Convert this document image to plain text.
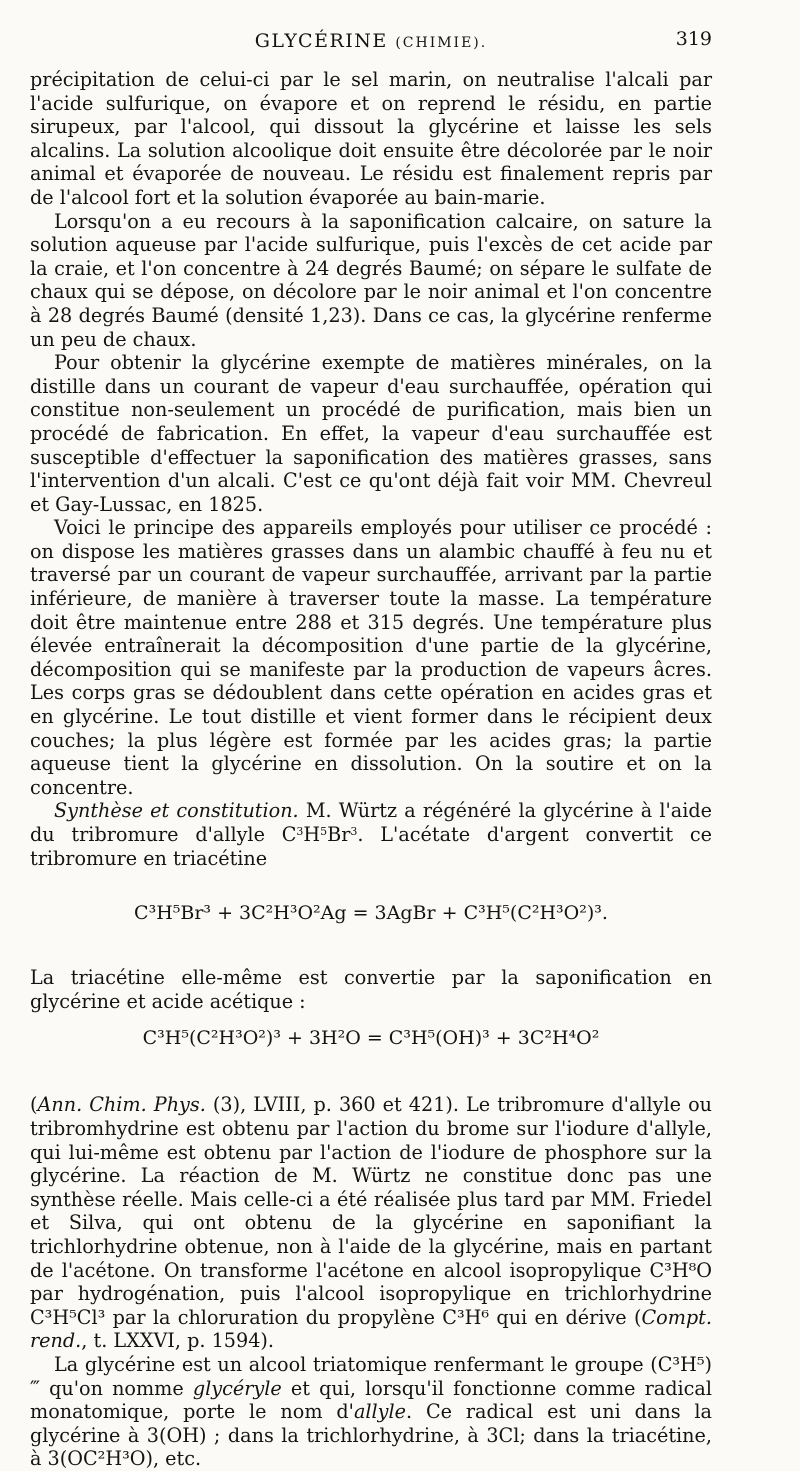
GLYCÉRINE (CHIMIE).	319

précipitation de celui-ci par le sel marin, on neutralise l'alcali par l'acide sulfurique, on évapore et on reprend le résidu, en partie sirupeux, par l'alcool, qui dissout la glycérine et laisse les sels alcalins. La solution alcoolique doit ensuite être décolorée par le noir animal et évaporée de nouveau. Le résidu est finalement repris par de l'alcool fort et la solution évaporée au bain-marie.

Lorsqu'on a eu recours à la saponification calcaire, on sature la solution aqueuse par l'acide sulfurique, puis l'excès de cet acide par la craie, et l'on concentre à 24 degrés Baumé; on sépare le sulfate de chaux qui se dépose, on décolore par le noir animal et l'on concentre à 28 degrés Baumé (densité 1,23). Dans ce cas, la glycérine renferme un peu de chaux.

Pour obtenir la glycérine exempte de matières minérales, on la distille dans un courant de vapeur d'eau surchauffée, opération qui constitue non-seulement un procédé de purification, mais bien un procédé de fabrication. En effet, la vapeur d'eau surchauffée est susceptible d'effectuer la saponification des matières grasses, sans l'intervention d'un alcali. C'est ce qu'ont déjà fait voir MM. Chevreul et Gay-Lussac, en 1825.

Voici le principe des appareils employés pour utiliser ce procédé : on dispose les matières grasses dans un alambic chauffé à feu nu et traversé par un courant de vapeur surchauffée, arrivant par la partie inférieure, de manière à traverser toute la masse. La température doit être maintenue entre 288 et 315 degrés. Une température plus élevée entraînerait la décomposition d'une partie de la glycérine, décomposition qui se manifeste par la production de vapeurs âcres. Les corps gras se dédoublent dans cette opération en acides gras et en glycérine. Le tout distille et vient former dans le récipient deux couches; la plus légère est formée par les acides gras; la partie aqueuse tient la glycérine en dissolution. On la soutire et on la concentre.

Synthèse et constitution. M. Würtz a régénéré la glycérine à l'aide du tribromure d'allyle $C^3H^5Br^3$. L'acétate d'argent convertit ce tribromure en triacétine

C³H⁵Br³ + 3C²H³O²Ag = 3AgBr + C³H⁵(C²H³O²)³.

La triacétine elle-même est convertie par la saponification en glycérine et acide acétique :

C³H⁵(C²H³O²)³ + 3H²O = C³H⁵(OH)³ + 3C²H⁴O²

(Ann. Chim. Phys. (3), LVIII, p. 360 et 421). Le tribromure d'allyle ou tribromhydrine est obtenu par l'action du brome sur l'iodure d'allyle, qui lui-même est obtenu par l'action de l'iodure de phosphore sur la glycérine. La réaction de M. Würtz ne constitue donc pas une synthèse réelle. Mais celle-ci a été réalisée plus tard par MM. Friedel et Silva, qui ont obtenu de la glycérine en saponifiant la trichlorhydrine obtenue, non à l'aide de la glycérine, mais en partant de l'acétone. On transforme l'acétone en alcool isopropylique C³H⁸O par hydrogénation, puis l'alcool isopropylique en trichlorhydrine C³H⁵Cl³ par la chloruration du propylène C³H⁶ qui en dérive (Compt. rend., t. LXXVI, p. 1594).

La glycérine est un alcool triatomique renfermant le groupe (C³H⁵)‴ qu'on nomme glycéryle et qui, lorsqu'il fonctionne comme radical monatomique, porte le nom d'allyle. Ce radical est uni dans la glycérine à 3(OH) ; dans la trichlorhydrine, à 3Cl; dans la triacétine, à 3(OC²H³O), etc.
